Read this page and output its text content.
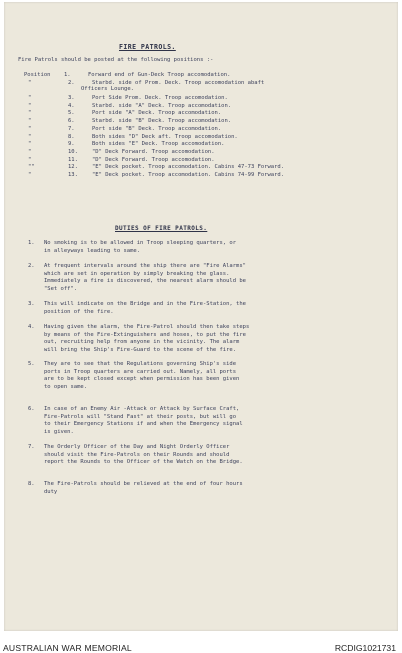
FIRE PATROLS.
Fire Patrols should be posted at the following positions :-
Position 1.	Forward end of Gun-Deck Troop accomodation.
"	2.	Starbd. side of Prom. Deck. Troop accomodation abaft
Officers Lounge.
"	3.	Port Side Prom. Deck. Troop accomodation.
"	4.	Starbd. side "A" Deck. Troop accomodation.
"	5.	Port side "A" Deck. Troop accomodation.
"	6.	Starbd. side "B" Deck. Troop accomodation.
"	7.	Port side "B" Deck. Troop accomodation.
"	8.	Both sides "D" Deck aft. Troop accomodation.
"	9.	Both sides "E" Deck. Troop accomodation.
"	10.	"D" Deck Forward. Troop accomodation.
"	11.	"D" Deck Forward. Troop accomodation.
""	12.	"E" Deck pocket. Troop accomodation. Cabins 47-73 Forward.
"	13.	"E" Deck pocket. Troop accomodation. Cabins 74-99 Forward.
DUTIES OF FIRE PATROLS.
1.	No smoking is to be allowed in Troop sleeping quarters, or
in alleyways leading to same.
2.	At frequent intervals around the ship there are "Fire Alarms"
which are set in operation by simply breaking the glass.
Immediately a fire is discovered, the nearest alarm should be
"Set off".
3.	This will indicate on the Bridge and in the Fire-Station, the
position of the fire.
4.	Having given the alarm, the Fire-Patrol should then take steps
by means of the Fire-Extinguishers and hoses, to put the fire
out, recruiting help from anyone in the vicinity. The alarm
will bring the Ship's Fire-Guard to the scene of the fire.
5.	They are to see that the Regulations governing Ship's side
ports in Troop quarters are carried out. Namely, all ports
are to be kept closed except when permission has been given
to open same.
6.	In case of an Enemy Air -Attack or Attack by Surface Craft,
Fire-Patrols will "Stand Fast" at their posts, but will go
to their Emergency Stations if and when the Emergency signal
is given.
7.	The Orderly Officer of the Day and Night Orderly Officer
should visit the Fire-Patrols on their Rounds and should
report the Rounds to the Officer of the Watch on the Bridge.
8.	The Fire-Patrols should be relieved at the end of four hours
duty
AUSTRALIAN WAR MEMORIAL	RCDIG1021731
